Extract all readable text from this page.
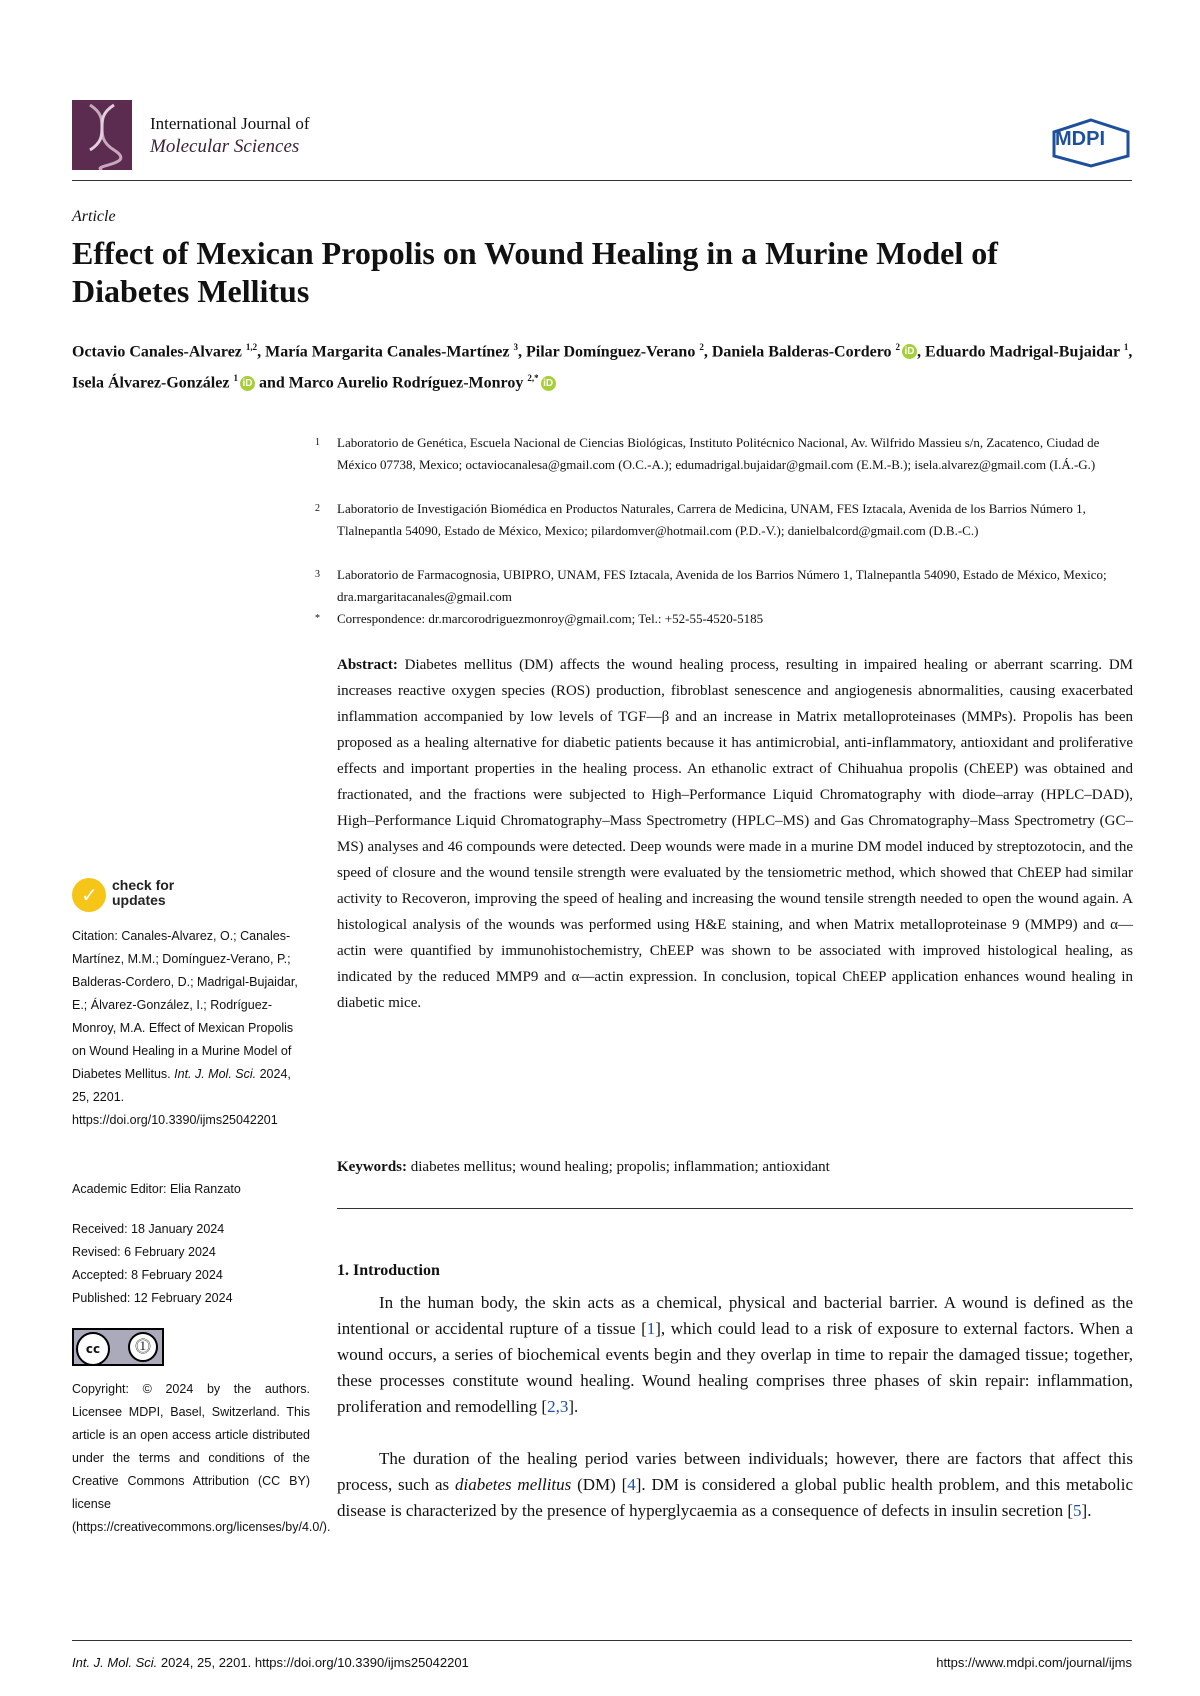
International Journal of
Molecular Sciences	MDPI
Article
Effect of Mexican Propolis on Wound Healing in a Murine Model of Diabetes Mellitus
Octavio Canales-Alvarez $^{1,2}$, María Margarita Canales-Martínez $^3$, Pilar Domínguez-Verano $^2$, Daniela Balderas-Cordero $^2$ iD , Eduardo Madrigal-Bujaidar $^1$, Isela Álvarez-González $^1$ iD and Marco Aurelio Rodríguez-Monroy $^{2,*}$ iD
1 Laboratorio de Genética, Escuela Nacional de Ciencias Biológicas, Instituto Politécnico Nacional, Av. Wilfrido Massieu s/n, Zacatenco, Ciudad de México 07738, Mexico; octaviocanalesa@gmail.com (O.C.-A.); edumadrigal.bujaidar@gmail.com (E.M.-B.); isela.alvarez@gmail.com (I.Á.-G.)
2 Laboratorio de Investigación Biomédica en Productos Naturales, Carrera de Medicina, UNAM, FES Iztacala, Avenida de los Barrios Número 1, Tlalnepantla 54090, Estado de México, Mexico; pilardomver@hotmail.com (P.D.-V.); danielbalcord@gmail.com (D.B.-C.)
3 Laboratorio de Farmacognosia, UBIPRO, UNAM, FES Iztacala, Avenida de los Barrios Número 1, Tlalnepantla 54090, Estado de México, Mexico; dra.margaritacanales@gmail.com
* Correspondence: dr.marcorodriguezmonroy@gmail.com; Tel.: +52-55-4520-5185
Abstract: Diabetes mellitus (DM) affects the wound healing process, resulting in impaired healing or aberrant scarring. DM increases reactive oxygen species (ROS) production, fibroblast senescence and angiogenesis abnormalities, causing exacerbated inflammation accompanied by low levels of TGF—β and an increase in Matrix metalloproteinases (MMPs). Propolis has been proposed as a healing alternative for diabetic patients because it has antimicrobial, anti-inflammatory, antioxidant and proliferative effects and important properties in the healing process. An ethanolic extract of Chihuahua propolis (ChEEP) was obtained and fractionated, and the fractions were subjected to High–Performance Liquid Chromatography with diode–array (HPLC–DAD), High–Performance Liquid Chromatography–Mass Spectrometry (HPLC–MS) and Gas Chromatography–Mass Spectrometry (GC–MS) analyses and 46 compounds were detected. Deep wounds were made in a murine DM model induced by streptozotocin, and the speed of closure and the wound tensile strength were evaluated by the tensiometric method, which showed that ChEEP had similar activity to Recoveron, improving the speed of healing and increasing the wound tensile strength needed to open the wound again. A histological analysis of the wounds was performed using H&E staining, and when Matrix metalloproteinase 9 (MMP9) and α—actin were quantified by immunohistochemistry, ChEEP was shown to be associated with improved histological healing, as indicated by the reduced MMP9 and α—actin expression. In conclusion, topical ChEEP application enhances wound healing in diabetic mice.
Keywords: diabetes mellitus; wound healing; propolis; inflammation; antioxidant
✓ check for updates
Citation: Canales-Alvarez, O.; Canales-Martínez, M.M.; Domínguez-Verano, P.; Balderas-Cordero, D.; Madrigal-Bujaidar, E.; Álvarez-González, I.; Rodríguez-Monroy, M.A. Effect of Mexican Propolis on Wound Healing in a Murine Model of Diabetes Mellitus. Int. J. Mol. Sci. 2024, 25, 2201. https://doi.org/10.3390/ijms25042201
Academic Editor: Elia Ranzato
Received: 18 January 2024
Revised: 6 February 2024
Accepted: 8 February 2024
Published: 12 February 2024
cc	⓵
Copyright: © 2024 by the authors. Licensee MDPI, Basel, Switzerland. This article is an open access article distributed under the terms and conditions of the Creative Commons Attribution (CC BY) license (https://creativecommons.org/licenses/by/4.0/).
1. Introduction
In the human body, the skin acts as a chemical, physical and bacterial barrier. A wound is defined as the intentional or accidental rupture of a tissue [1], which could lead to a risk of exposure to external factors. When a wound occurs, a series of biochemical events begin and they overlap in time to repair the damaged tissue; together, these processes constitute wound healing. Wound healing comprises three phases of skin repair: inflammation, proliferation and remodelling [2,3].
The duration of the healing period varies between individuals; however, there are factors that affect this process, such as diabetes mellitus (DM) [4]. DM is considered a global public health problem, and this metabolic disease is characterized by the presence of hyperglycaemia as a consequence of defects in insulin secretion [5].
Int. J. Mol. Sci. 2024, 25, 2201. https://doi.org/10.3390/ijms25042201	https://www.mdpi.com/journal/ijms
